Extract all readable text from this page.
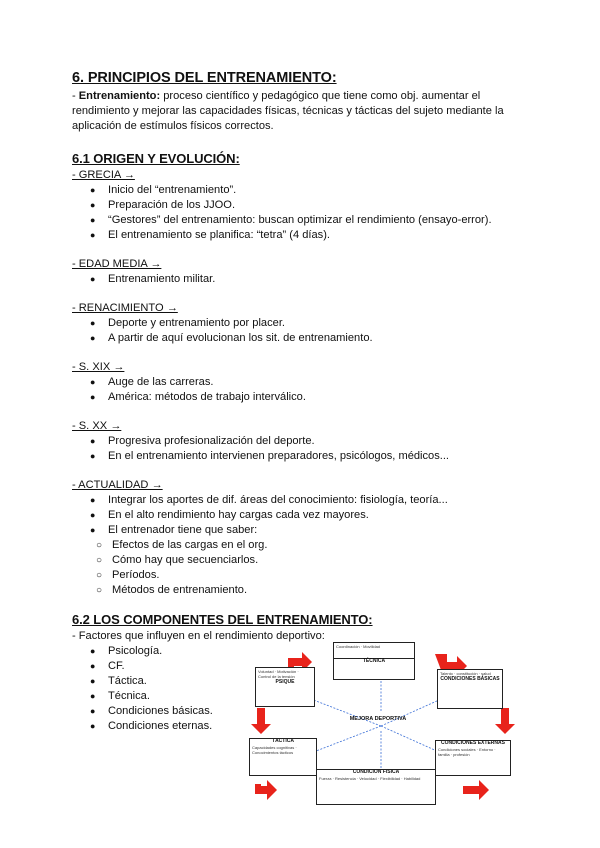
6. PRINCIPIOS DEL ENTRENAMIENTO:

- Entrenamiento: proceso científico y pedagógico que tiene como obj. aumentar el rendimiento y mejorar las capacidades físicas, técnicas y tácticas del sujeto mediante la aplicación de estímulos físicos correctos.

6.1 ORIGEN Y EVOLUCIÓN:
- GRECIA →
● Inicio del “entrenamiento”.
● Preparación de los JJOO.
● “Gestores” del entrenamiento: buscan optimizar el rendimiento (ensayo-error).
● El entrenamiento se planifica: “tetra” (4 días).
- EDAD MEDIA →
● Entrenamiento militar.
- RENACIMIENTO →
● Deporte y entrenamiento por placer.
● A partir de aquí evolucionan los sit. de entrenamiento.
- S. XIX →
● Auge de las carreras.
● América: métodos de trabajo interválico.
- S. XX →
● Progresiva profesionalización del deporte.
● En el entrenamiento intervienen preparadores, psicólogos, médicos...
- ACTUALIDAD →
● Integrar los aportes de dif. áreas del conocimiento: fisiología, teoría...
● En el alto rendimiento hay cargas cada vez mayores.
● El entrenador tiene que saber:
○ Efectos de las cargas en el org.
○ Cómo hay que secuenciarlos.
○ Períodos.
○ Métodos de entrenamiento.
6.2 LOS COMPONENTES DEL ENTRENAMIENTO:

- Factores que influyen en el rendimiento deportivo:

● Psicología.
● CF.
● Táctica.
● Técnica.
● Condiciones básicas.
● Condiciones eternas.
Coordinación · Movilidad
TÉCNICA
Voluntad · Motivación · Control de la tensión
PSIQUE
Talento · constitución · salud
CONDICIONES BÁSICAS
MEJORA DEPORTIVA
TÁCTICA
Capacidades cognitivas · Conocimientos tácticos
CONDICIONES EXTERNAS
Condiciones sociales · Entorno · familia · profesión
CONDICIÓN FÍSICA
Fuerza · Resistencia · Velocidad · Flexibilidad · Habilidad
